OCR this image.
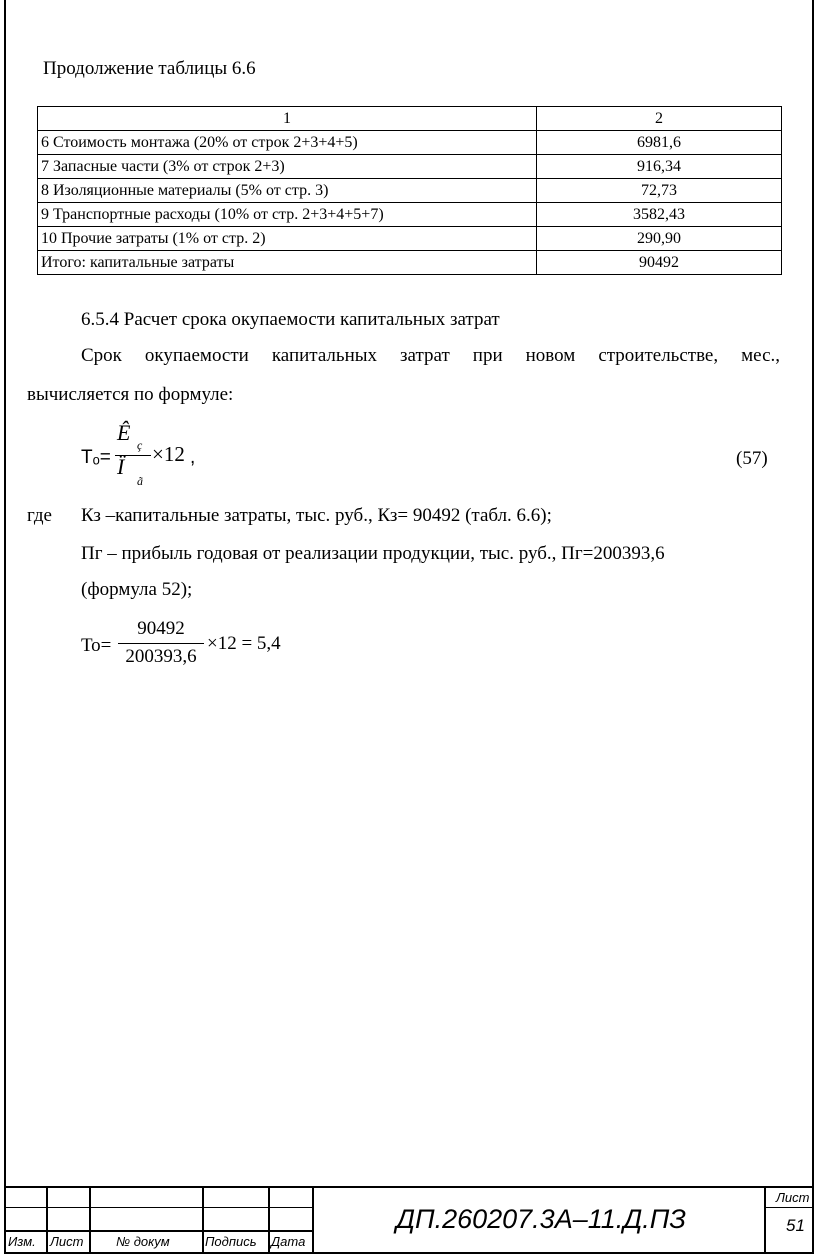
Продолжение таблицы 6.6
1	2
6 Стоимость монтажа (20% от строк 2+3+4+5)	6981,6
7 Запасные части (3% от строк 2+3)	916,34
8 Изоляционные материалы (5% от стр. 3)	72,73
9 Транспортные расходы (10% от стр. 2+3+4+5+7)	3582,43
10 Прочие затраты (1% от стр. 2)	290,90
Итого: капитальные затраты	90492
6.5.4 Расчет срока окупаемости капитальных затрат
Срок окупаемости капитальных затрат при новом строительстве, мес.,
вычисляется по формуле:
Тₒ=
Ê ç
Ï
ã
×12 ,	(57)
где Кз –капитальные затраты, тыс. руб., Кз= 90492 (табл. 6.6);
Пг – прибыль годовая от реализации продукции, тыс. руб., Пг=200393,6
(формула 52);
То=
90492
200393,6
×12 = 5,4
Изм. Лист	№ докум	Подпись Дата
ДП.260207.3А–11.Д.ПЗ
Лист
51
